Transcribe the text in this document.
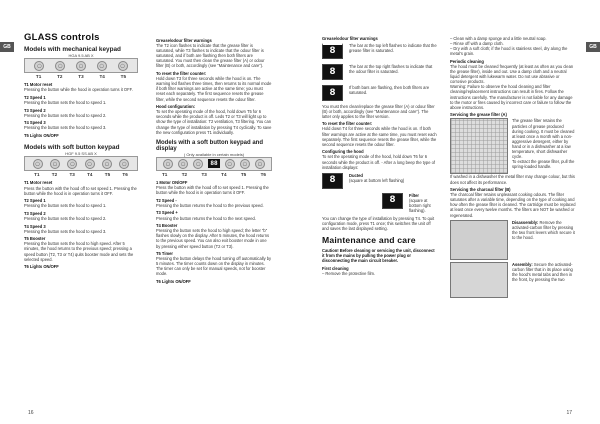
GB
GLASS controls
Models with mechanical keypad
HGA 9.5 AB X
◯	◯	◯	◯	◯
T1	T2	T3	T4	T5
T1 Motor reset
Pressing the button while the hood in operation turns it OFF.
T2 Speed 1
Pressing the button sets the hood to speed 1.
T3 Speed 2
Pressing the button sets the hood to speed 2.
T4 Speed 3
Pressing the button sets the hood to speed 3.
T5 Lights ON/OFF
Models with soft button keypad
HGF 9.5 SS AB X
◯	◯	◯	◯	◯	◯
T1	T2	T3	T4	T5	T6
T1 Motor reset
Press the button with the hood off to set speed 1. Pressing the button while the hood is in operation turns it OFF.
T2 Speed 1
Pressing the button sets the hood to speed 1.
T3 Speed 2
Pressing the button sets the hood to speed 2.
T4 Speed 3
Pressing the button sets the hood to speed 3.
T5 Booster
Pressing the button sets the hood to high speed. After 5 minutes, the hood returns to the previous speed; pressing a speed button (T2, T3 or T4) quits booster mode and sets the selected speed.
T6 Lights ON/OFF
Grease/odour filter warnings
The T2 icon flashes to indicate that the grease filter is saturated, while T3 flashes to indicate that the odour filter is saturated, and if both are flashing then both filters are saturated. You must then clean the grease filter (A) or odour filter (B) or both, accordingly (see “Maintenance and care”).
To reset the filter counter:
Hold down T3 for three seconds while the hood is on. The warning led flashes three times, then returns to its normal mode if both filter warnings are active at the same time; you must reset each separately. The first sequence resets the grease filter, while the second sequence resets the odour filter.
Hood configuration:
To set the operating mode of the hood, hold down T5 for 6 seconds while the product is off. Leds T2 or T3 will light up to show the type of installation: T2 ventilation, T3 filtering. You can change the type of installation by pressing T4 cyclically. To save the new configuration press T1 individually.
Models with a soft button keypad and display
( Only available in certain models)
◯	◯	◯	88	◯	◯	◯
T1	T2	T3	T4	T5	T6
1 Motor ON/OFF
Press the button with the hood off to set speed 1. Pressing the button while the hood is in operation turns it OFF.
T2 Speed -
Pressing the button returns the hood to the previous speed.
T3 Speed +
Pressing the button returns the hood to the next speed.
T4 Booster
Pressing the button sets the hood to high speed; the letter “b” flashes slowly on the display. After 5 minutes, the hood returns to the previous speed. You can also exit booster mode in one by pressing either speed button (T2 or T3).
T5 Timer
Pressing the button delays the hood turning off automatically by 5 minutes. The timer counts down on the display in minutes. The timer can only be set for manual speeds, not for booster mode.
T6 Lights ON/OFF
16
GB
Grease/odour filter warnings
8
The bar at the top left flashes to indicate that the grease filter is saturated.
8	The bar at the top right flashes to indicate that the odour filter is saturated.
8	If both bars are flashing, then both filters are saturated.
You must then clean/replace the grease filter (A) or odour filter (B) or both, accordingly (see “Maintenance and care”). The latter only applies to the filter version.
To reset the filter counter:
Hold down T4 for three seconds while the hood is on. If both filter warnings are active at the same time, you must reset each separately. The first sequence resets the grease filter, while the second sequence resets the odour filter.
Configuring the hood
To set the operating mode of the hood, hold down T6 for 6 seconds while the product is off. - After a long beep the type of installation displays:
8	Ducted
(square at bottom left flashing)
8	Filter
(square at bottom right flashing).
You can change the type of installation by pressing T4. To quit configuration mode, press T1 once; this switches the unit off and saves the last displayed setting.
Maintenance and care
Caution! Before cleaning or servicing the unit, disconnect it from the mains by pulling the power plug or disconnecting the main circuit breaker.
First cleaning
– Remove the protective film.
– Clean with a damp sponge and a little neutral soap.
– Rinse off with a damp cloth.
– Dry with a soft cloth; if the hood is stainless steel, dry along the metal’s grain.
Periodic cleaning
The hood must be cleaned frequently (at least as often as you clean the grease filter), inside and out. Use a damp cloth and a neutral liquid detergent with lukewarm water. Do not use abrasive or corrosive products.
Warning: Failure to observe the hood cleaning and filter cleaning/replacement instructions can result in fires. Follow the instructions carefully. The manufacturer is not liable for any damage to the motor or fires caused by incorrect care or failure to follow the above instructions.
Servicing the grease filter (A)
The grease filter retains the particles of grease produced during cooking. It must be cleaned at least once a month with a non-aggressive detergent, either by hand or in a dishwasher at a low temperature, short dishwasher cycle.
To extract the grease filter, pull the spring-loaded handle.
If washed in a dishwasher the metal filter may change colour, but this does not affect its performance.
Servicing the charcoal filter (B)
The charcoal filter retains unpleasant cooking odours. The filter saturates after a variable time, depending on the type of cooking and how often the grease filter is cleaned. The cartridge must be replaced at least once every twelve months. The filters are NOT be washed or regenerated.
Disassembly: Remove the activated-carbon filter by pressing the two front levers which secure it to the hood.
Assembly: Secure the activated-carbon filter that in its place using the hood's metal tabs and then in the front, by pressing the two
17
